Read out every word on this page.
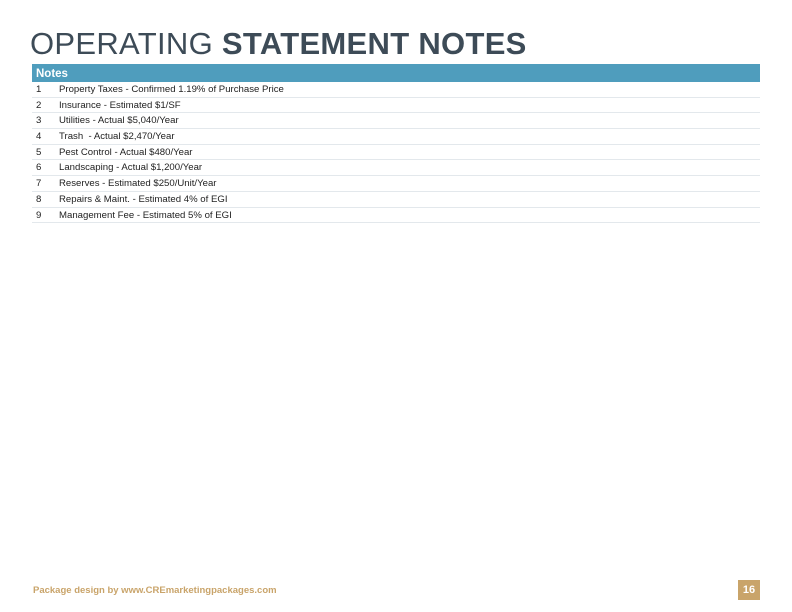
OPERATING STATEMENT NOTES
Notes
1	Property Taxes - Confirmed 1.19% of Purchase Price
2	Insurance - Estimated $1/SF
3	Utilities - Actual $5,040/Year
4	Trash  - Actual $2,470/Year
5	Pest Control - Actual $480/Year
6	Landscaping - Actual $1,200/Year
7	Reserves - Estimated $250/Unit/Year
8	Repairs & Maint. - Estimated 4% of EGI
9	Management Fee - Estimated 5% of EGI
Package design by www.CREmarketingpackages.com	16
